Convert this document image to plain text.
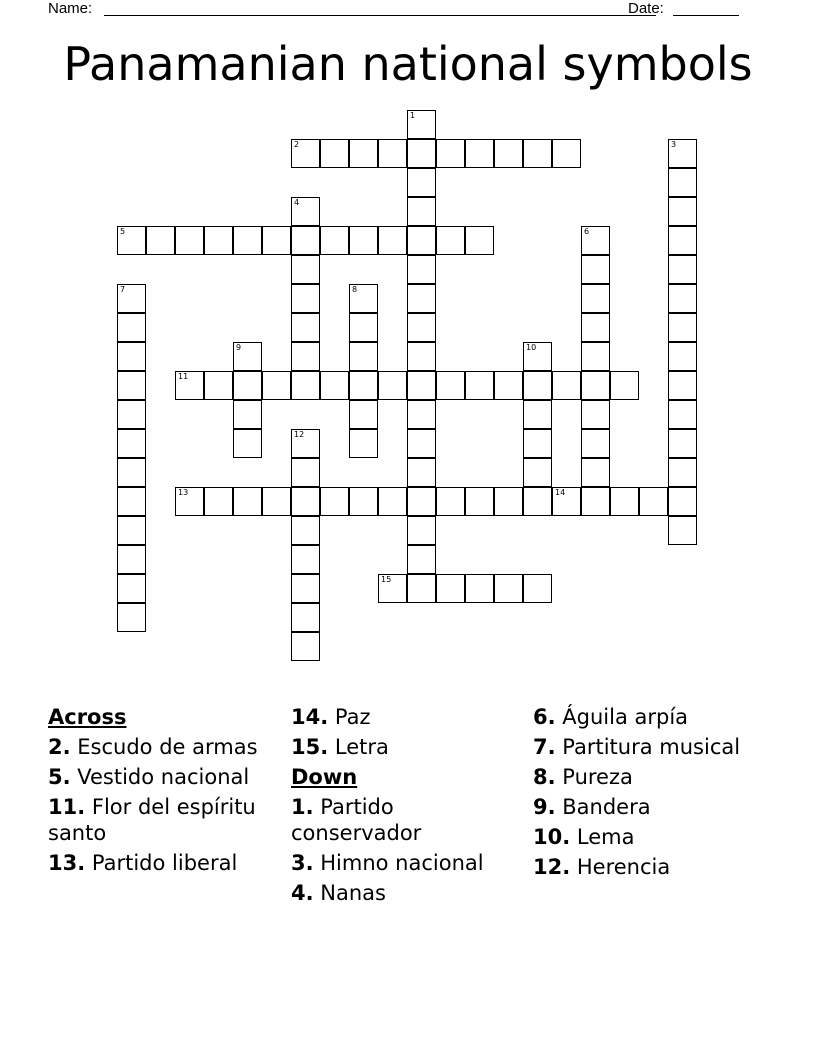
Name:	Date:
Panamanian national symbols
1
2	3
4
5	6
7	8
9	10
11
12
13	14
15
Across
2. Escudo de armas
5. Vestido nacional
11. Flor del espíritu santo
13. Partido liberal
14. Paz
15. Letra
Down
1. Partido conservador
3. Himno nacional
4. Nanas
6. Águila arpía
7. Partitura musical
8. Pureza
9. Bandera
10. Lema
12. Herencia
